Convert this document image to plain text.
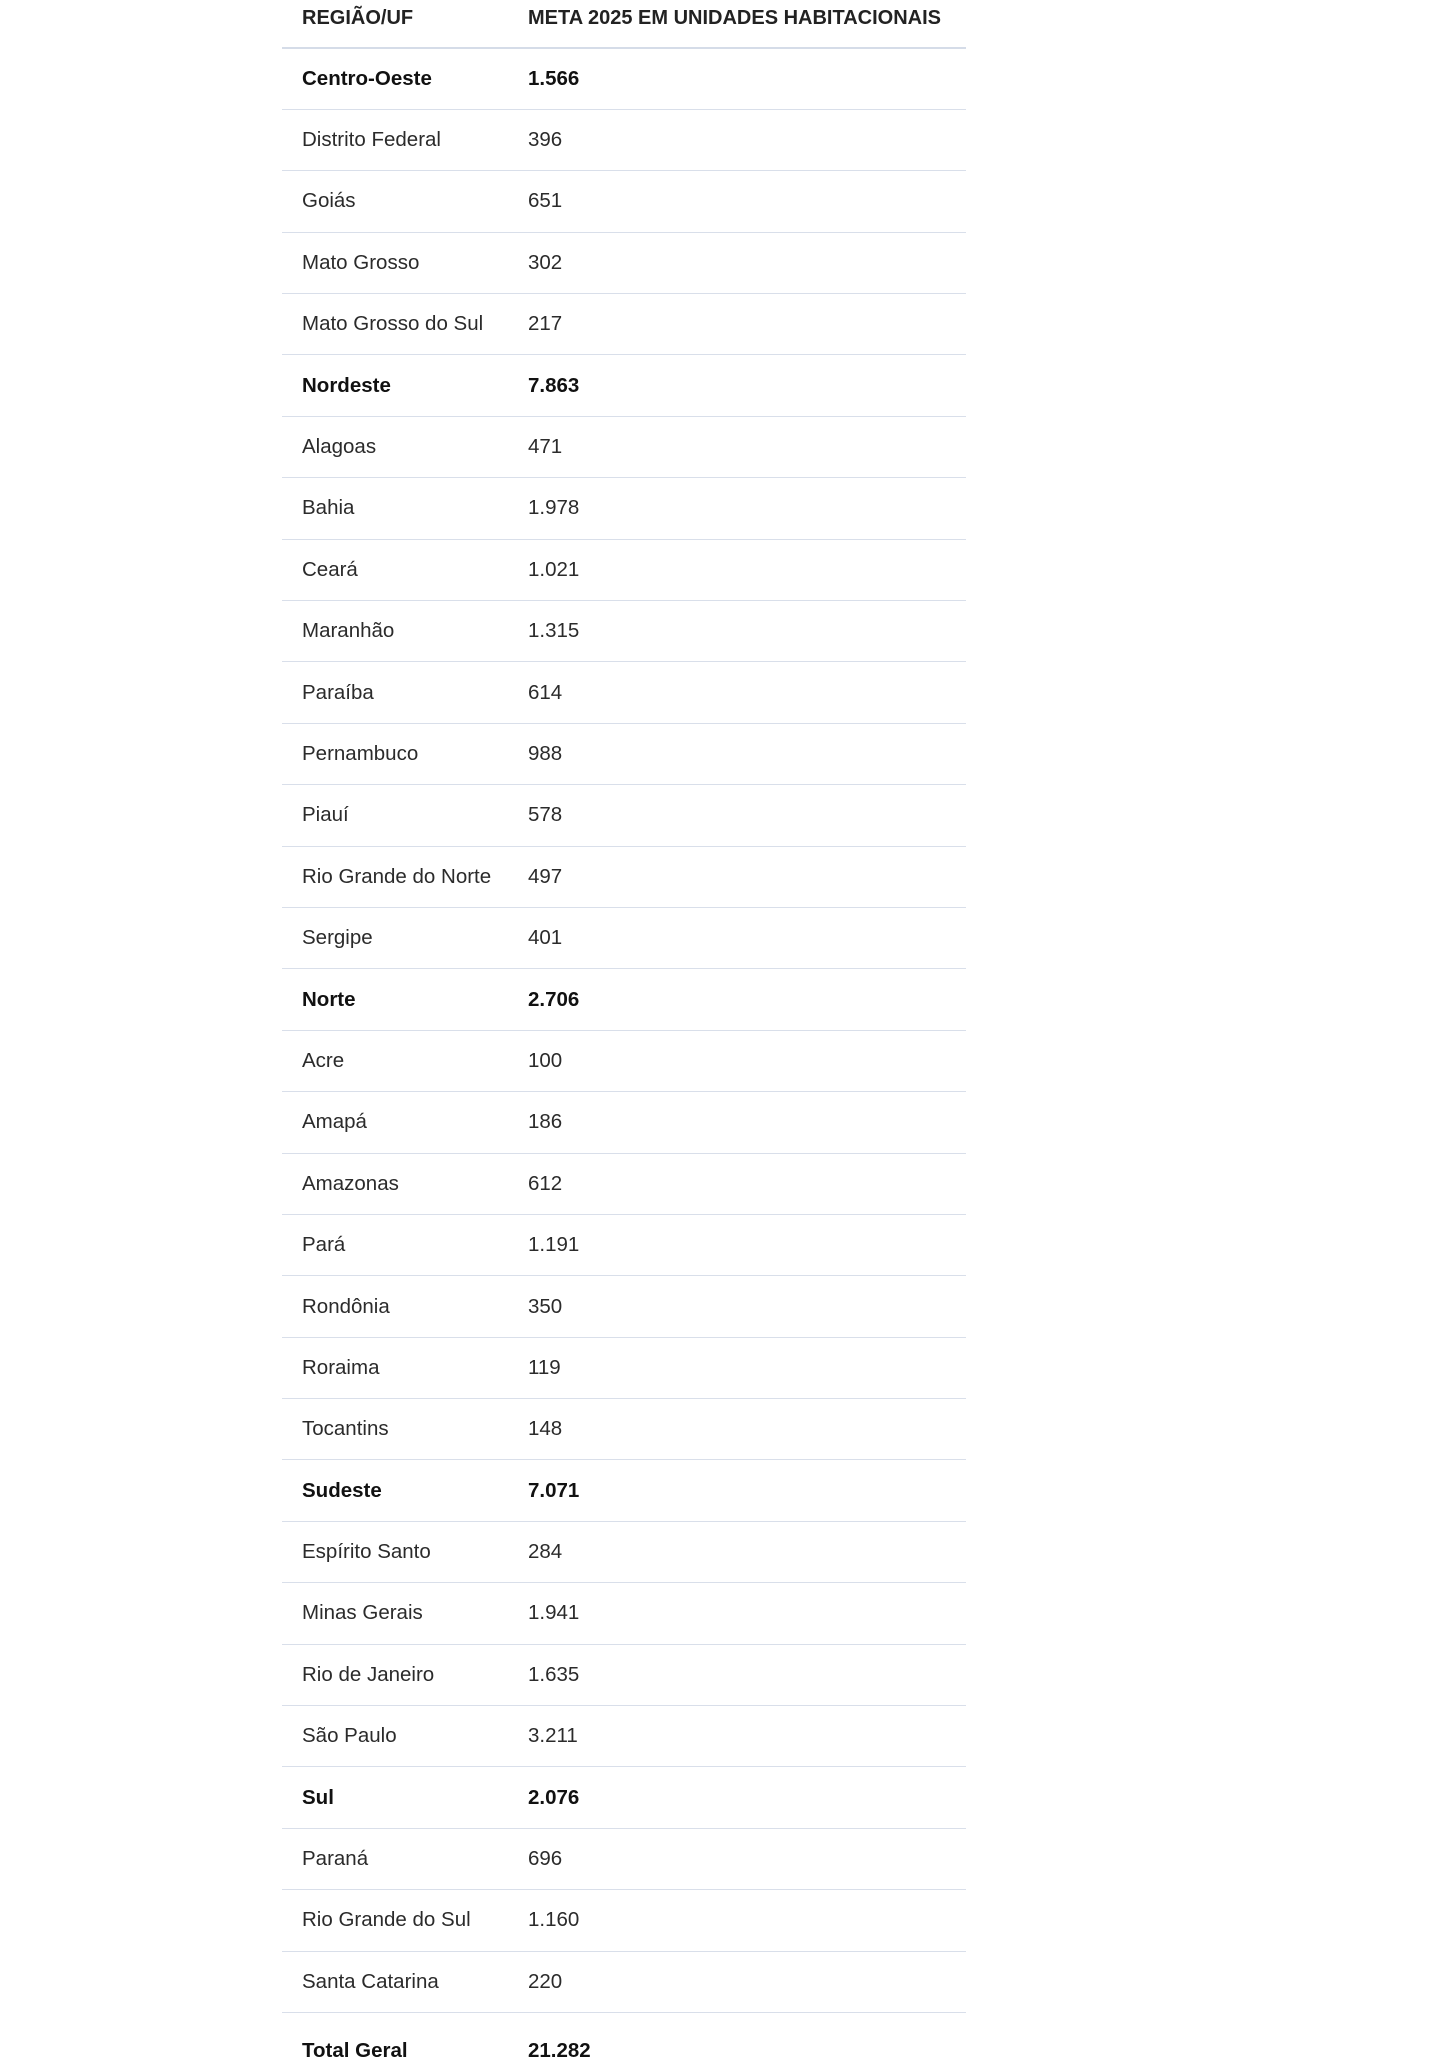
REGIÃO/UF	META 2025 EM UNIDADES HABITACIONAIS
Centro-Oeste	1.566
Distrito Federal	396
Goiás	651
Mato Grosso	302
Mato Grosso do Sul	217
Nordeste	7.863
Alagoas	471
Bahia	1.978
Ceará	1.021
Maranhão	1.315
Paraíba	614
Pernambuco	988
Piauí	578
Rio Grande do Norte	497
Sergipe	401
Norte	2.706
Acre	100
Amapá	186
Amazonas	612
Pará	1.191
Rondônia	350
Roraima	119
Tocantins	148
Sudeste	7.071
Espírito Santo	284
Minas Gerais	1.941
Rio de Janeiro	1.635
São Paulo	3.211
Sul	2.076
Paraná	696
Rio Grande do Sul	1.160
Santa Catarina	220
Total Geral	21.282
